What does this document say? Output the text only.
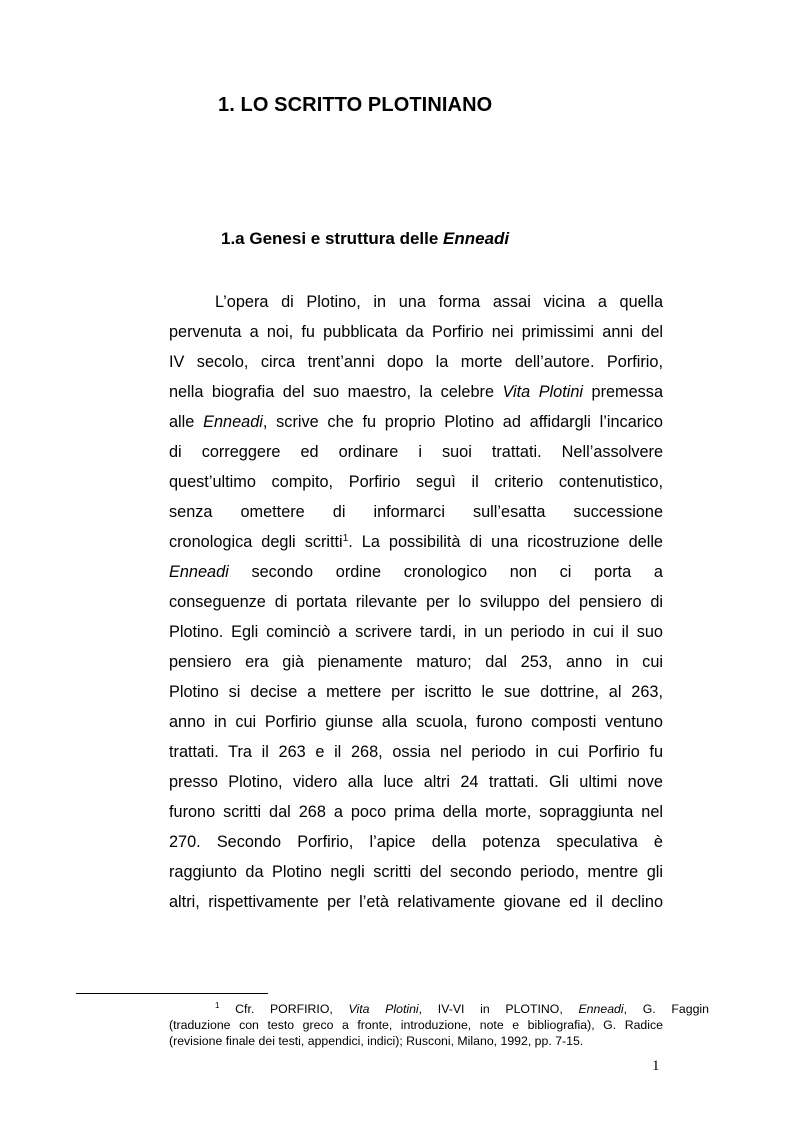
1. LO SCRITTO PLOTINIANO
1.a Genesi e struttura delle Enneadi
L’opera di Plotino, in una forma assai vicina a quella
pervenuta a noi, fu pubblicata da Porfirio nei primissimi anni del
IV secolo, circa trent’anni dopo la morte dell’autore. Porfirio,
nella biografia del suo maestro, la celebre Vita Plotini premessa
alle Enneadi, scrive che fu proprio Plotino ad affidargli l’incarico
di correggere ed ordinare i suoi trattati. Nell’assolvere
quest’ultimo compito, Porfirio seguì il criterio contenutistico,
senza omettere di informarci sull’esatta successione
cronologica degli scritti$^1$. La possibilità di una ricostruzione delle
Enneadi secondo ordine cronologico non ci porta a
conseguenze di portata rilevante per lo sviluppo del pensiero di
Plotino. Egli cominciò a scrivere tardi, in un periodo in cui il suo
pensiero era già pienamente maturo; dal 253, anno in cui
Plotino si decise a mettere per iscritto le sue dottrine, al 263,
anno in cui Porfirio giunse alla scuola, furono composti ventuno
trattati. Tra il 263 e il 268, ossia nel periodo in cui Porfirio fu
presso Plotino, videro alla luce altri 24 trattati. Gli ultimi nove
furono scritti dal 268 a poco prima della morte, sopraggiunta nel
270. Secondo Porfirio, l’apice della potenza speculativa è
raggiunto da Plotino negli scritti del secondo periodo, mentre gli
altri, rispettivamente per l’età relativamente giovane ed il declino
$^1$ Cfr. PORFIRIO, Vita Plotini, IV-VI in PLOTINO, Enneadi, G. Faggin
(traduzione con testo greco a fronte, introduzione, note e bibliografia), G. Radice
(revisione finale dei testi, appendici, indici); Rusconi, Milano, 1992, pp. 7-15.
1
